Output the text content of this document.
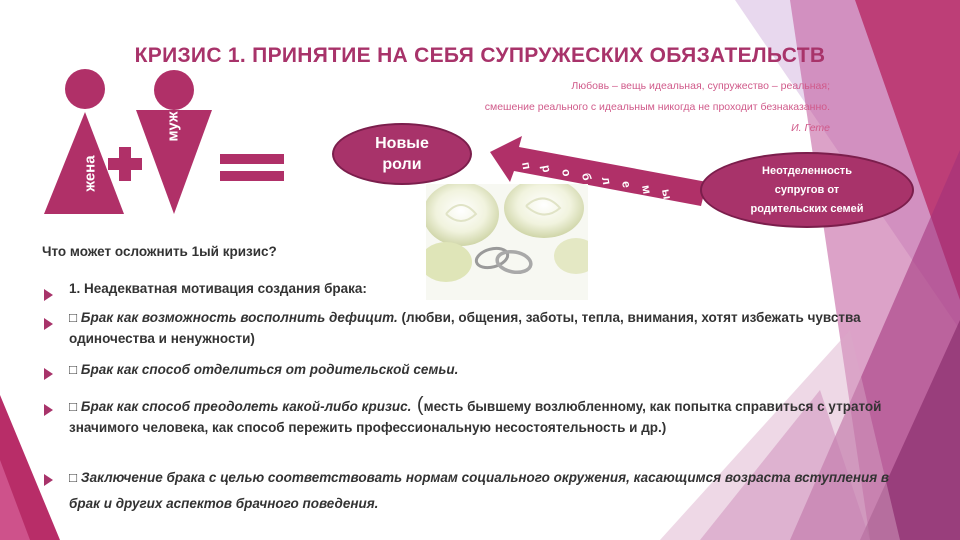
КРИЗИС 1. ПРИНЯТИЕ НА СЕБЯ СУПРУЖЕСКИХ ОБЯЗАТЕЛЬСТВ
Любовь – вещь идеальная, супружество – реальная;
смешение реального с идеальным никогда не проходит безнаказанно.
И. Гете
жена
муж
Новые
роли	п р о б л е м ы
Неотделенность
супругов от
родительских семей
Что может осложнить 1ый кризис?
1. Неадекватная мотивация создания брака:
□ Брак как возможность восполнить дефицит. (любви, общения, заботы, тепла, внимания, хотят избежать чувства одиночества и ненужности)
□ Брак как способ отделиться от родительской семьи.
□ Брак как способ преодолеть какой-либо кризис. (месть бывшему возлюбленному, как попытка справиться с утратой значимого человека, как способ пережить профессиональную несостоятельность и др.)
□ Заключение брака с целью соответствовать нормам социального окружения, касающимся возраста вступления в брак и других аспектов брачного поведения.
